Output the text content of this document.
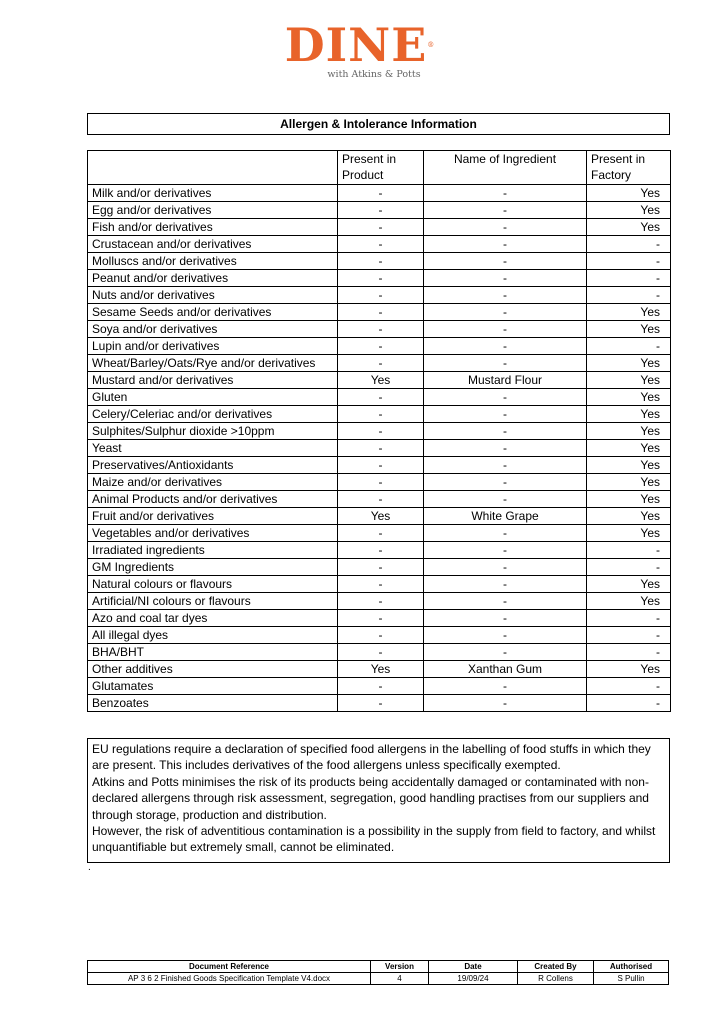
DINE®
with Atkins & Potts
Allergen & Intolerance Information
	Present in Product	Name of Ingredient	Present in Factory
Milk and/or derivatives	-	-	Yes
Egg and/or derivatives	-	-	Yes
Fish and/or derivatives	-	-	Yes
Crustacean and/or derivatives	-	-	-
Molluscs and/or derivatives	-	-	-
Peanut and/or derivatives	-	-	-
Nuts and/or derivatives	-	-	-
Sesame Seeds and/or derivatives	-	-	Yes
Soya and/or derivatives	-	-	Yes
Lupin and/or derivatives	-	-	-
Wheat/Barley/Oats/Rye and/or derivatives	-	-	Yes
Mustard and/or derivatives	Yes	Mustard Flour	Yes
Gluten	-	-	Yes
Celery/Celeriac and/or derivatives	-	-	Yes
Sulphites/Sulphur dioxide >10ppm	-	-	Yes
Yeast	-	-	Yes
Preservatives/Antioxidants	-	-	Yes
Maize and/or derivatives	-	-	Yes
Animal Products and/or derivatives	-	-	Yes
Fruit and/or derivatives	Yes	White Grape	Yes
Vegetables and/or derivatives	-	-	Yes
Irradiated ingredients	-	-	-
GM Ingredients	-	-	-
Natural colours or flavours	-	-	Yes
Artificial/NI colours or flavours	-	-	Yes
Azo and coal tar dyes	-	-	-
All illegal dyes	-	-	-
BHA/BHT	-	-	-
Other additives	Yes	Xanthan Gum	Yes
Glutamates	-	-	-
Benzoates	-	-	-
EU regulations require a declaration of specified food allergens in the labelling of food stuffs in which they are present. This includes derivatives of the food allergens unless specifically exempted.
Atkins and Potts minimises the risk of its products being accidentally damaged or contaminated with non-declared allergens through risk assessment, segregation, good handling practises from our suppliers and through storage, production and distribution.
However, the risk of adventitious contamination is a possibility in the supply from field to factory, and whilst unquantifiable but extremely small, cannot be eliminated.
.
Document Reference	Version	Date	Created By	Authorised
AP 3 6 2 Finished Goods Specification Template V4.docx	4	19/09/24	R Collens	S Pullin
